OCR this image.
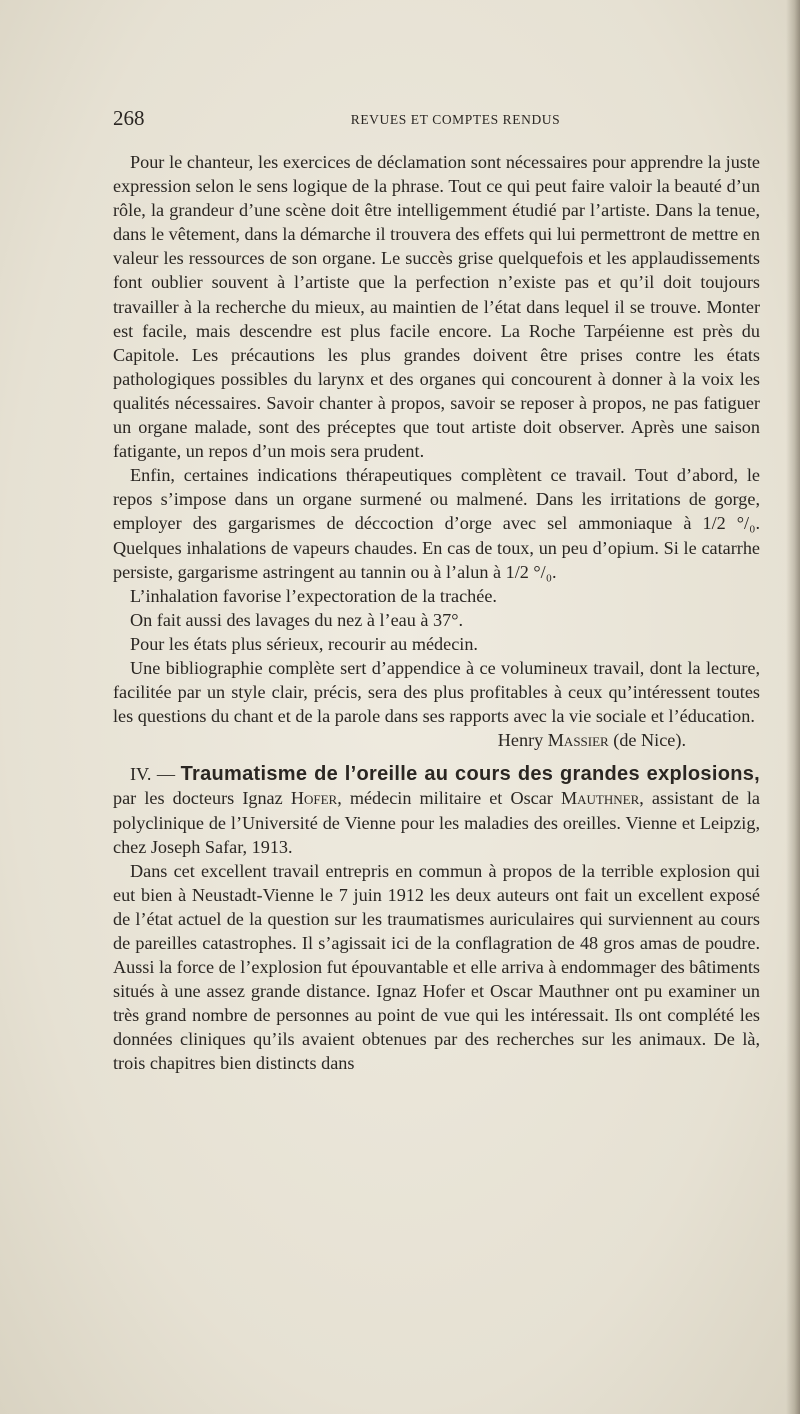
268	REVUES ET COMPTES RENDUS

Pour le chanteur, les exercices de déclamation sont nécessaires pour apprendre la juste expression selon le sens logique de la phrase. Tout ce qui peut faire valoir la beauté d’un rôle, la grandeur d’une scène doit être intelligemment étudié par l’artiste. Dans la tenue, dans le vêtement, dans la démarche il trouvera des effets qui lui permettront de mettre en valeur les ressources de son organe. Le succès grise quelquefois et les applaudissements font oublier souvent à l’artiste que la perfection n’existe pas et qu’il doit toujours travailler à la recherche du mieux, au maintien de l’état dans lequel il se trouve. Monter est facile, mais descendre est plus facile encore. La Roche Tarpéienne est près du Capitole. Les précautions les plus grandes doivent être prises contre les états pathologiques possibles du larynx et des organes qui concourent à donner à la voix les qualités nécessaires. Savoir chanter à propos, savoir se reposer à propos, ne pas fatiguer un organe malade, sont des préceptes que tout artiste doit observer. Après une saison fatigante, un repos d’un mois sera prudent.

Enfin, certaines indications thérapeutiques complètent ce travail. Tout d’abord, le repos s’impose dans un organe surmené ou malmené. Dans les irritations de gorge, employer des gargarismes de déccoction d’orge avec sel ammoniaque à 1/2 °/₀. Quelques inhalations de vapeurs chaudes. En cas de toux, un peu d’opium. Si le catarrhe persiste, gargarisme astringent au tannin ou à l’alun à 1/2 °/₀.

L’inhalation favorise l’expectoration de la trachée.

On fait aussi des lavages du nez à l’eau à 37°.

Pour les états plus sérieux, recourir au médecin.

Une bibliographie complète sert d’appendice à ce volumineux travail, dont la lecture, facilitée par un style clair, précis, sera des plus profitables à ceux qu’intéressent toutes les questions du chant et de la parole dans ses rapports avec la vie sociale et l’éducation.

Henry Massier (de Nice).

IV. — Traumatisme de l’oreille au cours des grandes explosions, par les docteurs Ignaz Hofer, médecin militaire et Oscar Mauthner, assistant de la polyclinique de l’Université de Vienne pour les maladies des oreilles. Vienne et Leipzig, chez Joseph Safar, 1913.

Dans cet excellent travail entrepris en commun à propos de la terrible explosion qui eut bien à Neustadt-Vienne le 7 juin 1912 les deux auteurs ont fait un excellent exposé de l’état actuel de la question sur les traumatismes auriculaires qui surviennent au cours de pareilles catastrophes. Il s’agissait ici de la conflagration de 48 gros amas de poudre. Aussi la force de l’explosion fut épouvantable et elle arriva à endommager des bâtiments situés à une assez grande distance. Ignaz Hofer et Oscar Mauthner ont pu examiner un très grand nombre de personnes au point de vue qui les intéressait. Ils ont complété les données cliniques qu’ils avaient obtenues par des recherches sur les animaux. De là, trois chapitres bien distincts dans
